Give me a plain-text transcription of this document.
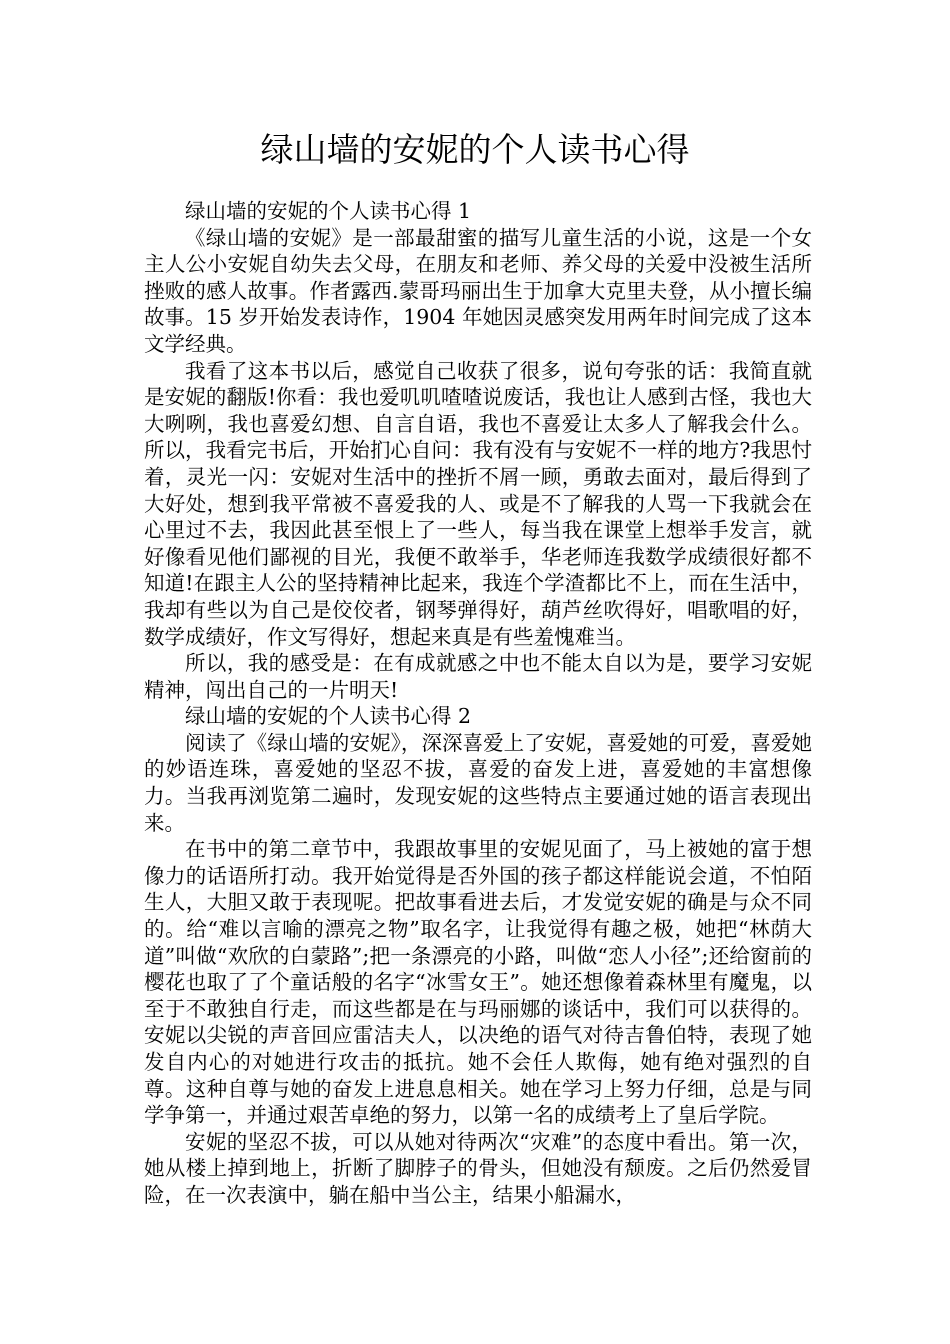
绿山墙的安妮的个人读书心得

绿山墙的安妮的个人读书心得 1

《绿山墙的安妮》是一部最甜蜜的描写儿童生活的小说，这是一个女主人公小安妮自幼失去父母，在朋友和老师、养父母的关爱中没被生活所挫败的感人故事。作者露西.蒙哥玛丽出生于加拿大克里夫登，从小擅长编故事。15 岁开始发表诗作，1904 年她因灵感突发用两年时间完成了这本文学经典。

我看了这本书以后，感觉自己收获了很多，说句夸张的话：我简直就是安妮的翻版!你看：我也爱叽叽喳喳说废话，我也让人感到古怪，我也大大咧咧，我也喜爱幻想、自言自语，我也不喜爱让太多人了解我会什么。所以，我看完书后，开始扪心自问：我有没有与安妮不一样的地方?我思忖着，灵光一闪：安妮对生活中的挫折不屑一顾，勇敢去面对，最后得到了大好处，想到我平常被不喜爱我的人、或是不了解我的人骂一下我就会在心里过不去，我因此甚至恨上了一些人，每当我在课堂上想举手发言，就好像看见他们鄙视的目光，我便不敢举手，华老师连我数学成绩很好都不知道!在跟主人公的坚持精神比起来，我连个学渣都比不上，而在生活中，我却有些以为自己是佼佼者，钢琴弹得好，葫芦丝吹得好，唱歌唱的好，数学成绩好，作文写得好，想起来真是有些羞愧难当。

所以，我的感受是：在有成就感之中也不能太自以为是，要学习安妮精神，闯出自己的一片明天!

绿山墙的安妮的个人读书心得 2

阅读了《绿山墙的安妮》，深深喜爱上了安妮，喜爱她的可爱，喜爱她的妙语连珠，喜爱她的坚忍不拔，喜爱的奋发上进，喜爱她的丰富想像力。当我再浏览第二遍时，发现安妮的这些特点主要通过她的语言表现出来。

在书中的第二章节中，我跟故事里的安妮见面了，马上被她的富于想像力的话语所打动。我开始觉得是否外国的孩子都这样能说会道，不怕陌生人，大胆又敢于表现呢。把故事看进去后，才发觉安妮的确是与众不同的。给“难以言喻的漂亮之物”取名字，让我觉得有趣之极，她把“林荫大道”叫做“欢欣的白蒙路”;把一条漂亮的小路，叫做“恋人小径”;还给窗前的樱花也取了了个童话般的名字“冰雪女王”。她还想像着森林里有魔鬼，以至于不敢独自行走，而这些都是在与玛丽娜的谈话中，我们可以获得的。安妮以尖锐的声音回应雷洁夫人，以决绝的语气对待吉鲁伯特，表现了她发自内心的对她进行攻击的抵抗。她不会任人欺侮，她有绝对强烈的自尊。这种自尊与她的奋发上进息息相关。她在学习上努力仔细，总是与同学争第一，并通过艰苦卓绝的努力，以第一名的成绩考上了皇后学院。

安妮的坚忍不拔，可以从她对待两次“灾难”的态度中看出。第一次，她从楼上掉到地上，折断了脚脖子的骨头，但她没有颓废。之后仍然爱冒险，在一次表演中，躺在船中当公主，结果小船漏水，
